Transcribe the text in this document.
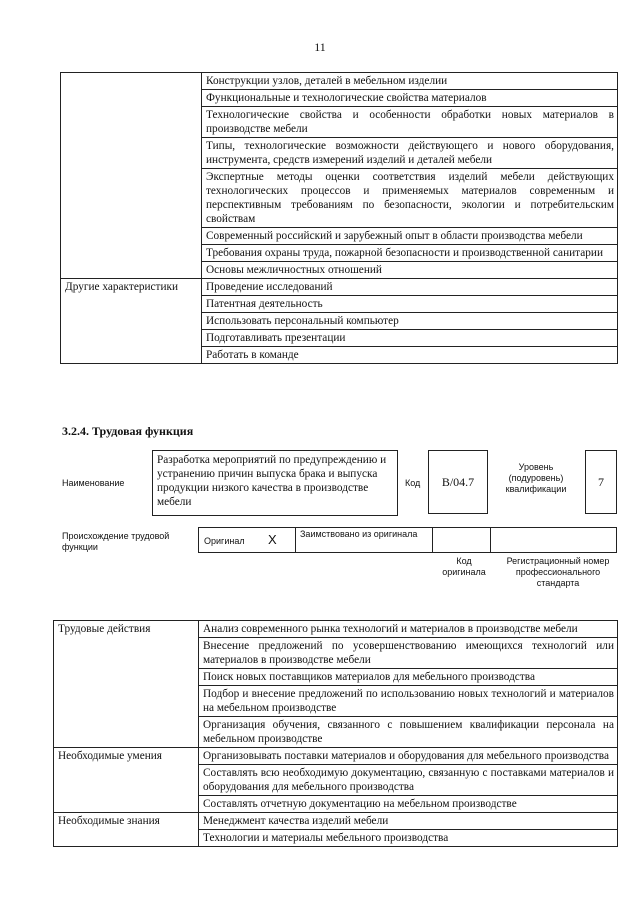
11
	Конструкции узлов, деталей в мебельном изделии
	Функциональные и технологические свойства материалов
	Технологические свойства и особенности обработки новых материалов в производстве мебели
	Типы, технологические возможности действующего и нового оборудования, инструмента, средств измерений изделий и деталей мебели
	Экспертные методы оценки соответствия изделий мебели действующих технологических процессов и применяемых материалов современным и перспективным требованиям по безопасности, экологии и потребительским свойствам
	Современный российский и зарубежный опыт в области производства мебели
	Требования охраны труда, пожарной безопасности и производственной санитарии
	Основы межличностных отношений
Другие характеристики	Проведение исследований
	Патентная деятельность
	Использовать персональный компьютер
	Подготавливать презентации
	Работать в команде
3.2.4. Трудовая функция
Наименование
Разработка мероприятий по предупреждению и устранению причин выпуска брака и выпуска продукции низкого качества в производстве мебели
Код	B/04.7
Уровень (подуровень) квалификации
7
Происхождение трудовой функции
Оригинал X	Заимствовано из оригинала
Код оригинала
Регистрационный номер профессионального стандарта
Трудовые действия	Анализ современного рынка технологий и материалов в производстве мебели
	Внесение предложений по усовершенствованию имеющихся технологий или материалов в производстве мебели
	Поиск новых поставщиков материалов для мебельного производства
	Подбор и внесение предложений по использованию новых технологий и материалов на мебельном производстве
	Организация обучения, связанного с повышением квалификации персонала на мебельном производстве
Необходимые умения	Организовывать поставки материалов и оборудования для мебельного производства
	Составлять всю необходимую документацию, связанную с поставками материалов и оборудования для мебельного производства
	Составлять отчетную документацию на мебельном производстве
Необходимые знания	Менеджмент качества изделий мебели
	Технологии и материалы мебельного производства
